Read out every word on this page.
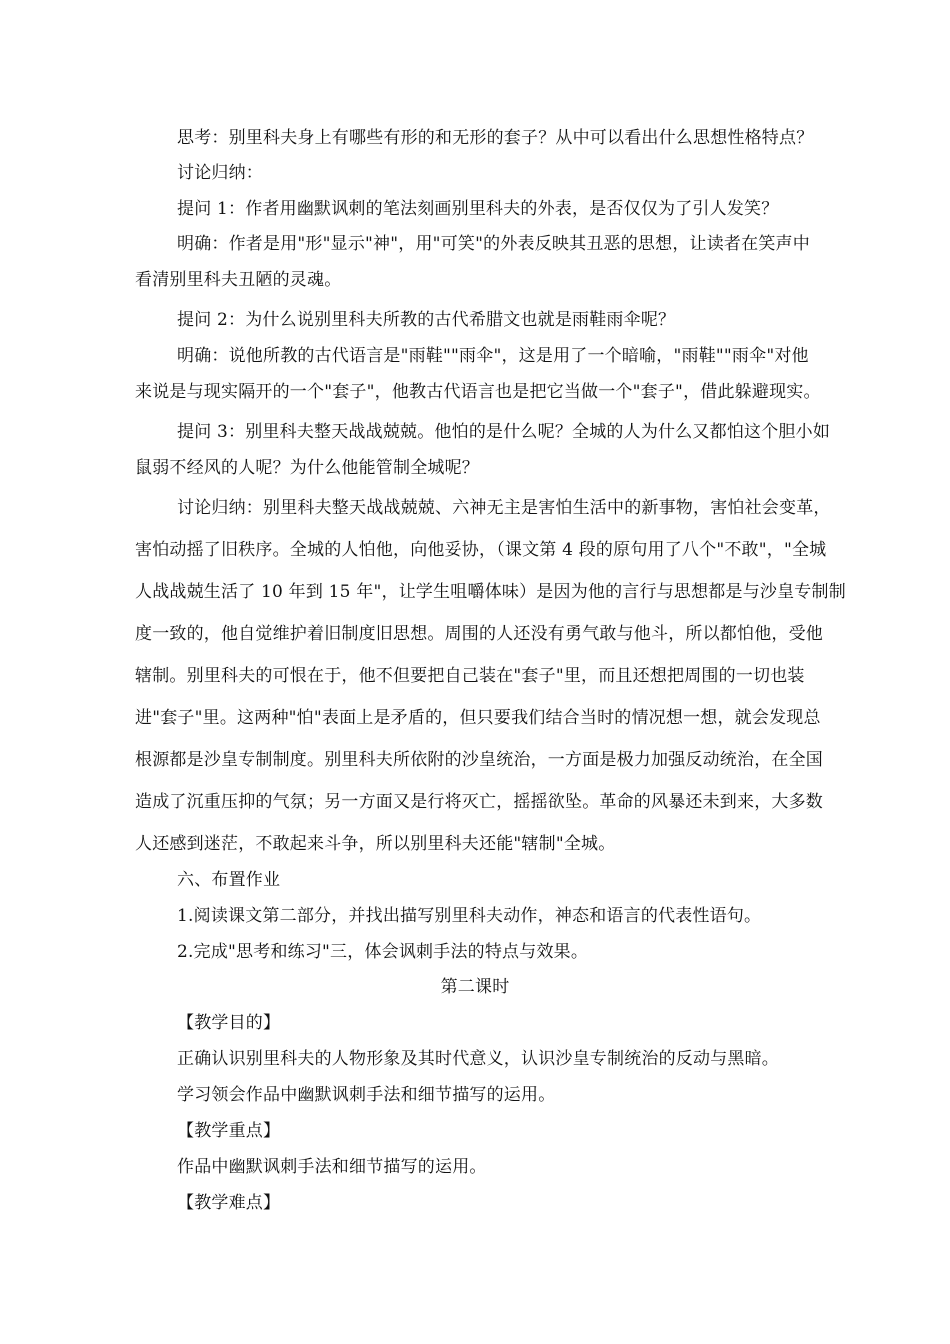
思考：别里科夫身上有哪些有形的和无形的套子？从中可以看出什么思想性格特点？
讨论归纳：
提问 1：作者用幽默讽刺的笔法刻画别里科夫的外表，是否仅仅为了引人发笑？
明确：作者是用"形"显示"神"，用"可笑"的外表反映其丑恶的思想，让读者在笑声中
看清别里科夫丑陋的灵魂。
提问 2：为什么说别里科夫所教的古代希腊文也就是雨鞋雨伞呢？
明确：说他所教的古代语言是"雨鞋""雨伞"，这是用了一个暗喻，"雨鞋""雨伞"对他
来说是与现实隔开的一个"套子"，他教古代语言也是把它当做一个"套子"，借此躲避现实。
提问 3：别里科夫整天战战兢兢。他怕的是什么呢？全城的人为什么又都怕这个胆小如
鼠弱不经风的人呢？为什么他能管制全城呢？
讨论归纳：别里科夫整天战战兢兢、六神无主是害怕生活中的新事物，害怕社会变革，
害怕动摇了旧秩序。全城的人怕他，向他妥协，（课文第 4 段的原句用了八个"不敢"，"全城
人战战兢生活了 10 年到 15 年"，让学生咀嚼体味）是因为他的言行与思想都是与沙皇专制制
度一致的，他自觉维护着旧制度旧思想。周围的人还没有勇气敢与他斗，所以都怕他，受他
辖制。别里科夫的可恨在于，他不但要把自己装在"套子"里，而且还想把周围的一切也装
进"套子"里。这两种"怕"表面上是矛盾的，但只要我们结合当时的情况想一想，就会发现总
根源都是沙皇专制制度。别里科夫所依附的沙皇统治，一方面是极力加强反动统治，在全国
造成了沉重压抑的气氛；另一方面又是行将灭亡，摇摇欲坠。革命的风暴还未到来，大多数
人还感到迷茫，不敢起来斗争，所以别里科夫还能"辖制"全城。
六、布置作业
1.阅读课文第二部分，并找出描写别里科夫动作，神态和语言的代表性语句。
2.完成"思考和练习"三，体会讽刺手法的特点与效果。
第二课时
【教学目的】
正确认识别里科夫的人物形象及其时代意义，认识沙皇专制统治的反动与黑暗。
学习领会作品中幽默讽刺手法和细节描写的运用。
【教学重点】
作品中幽默讽刺手法和细节描写的运用。
【教学难点】
